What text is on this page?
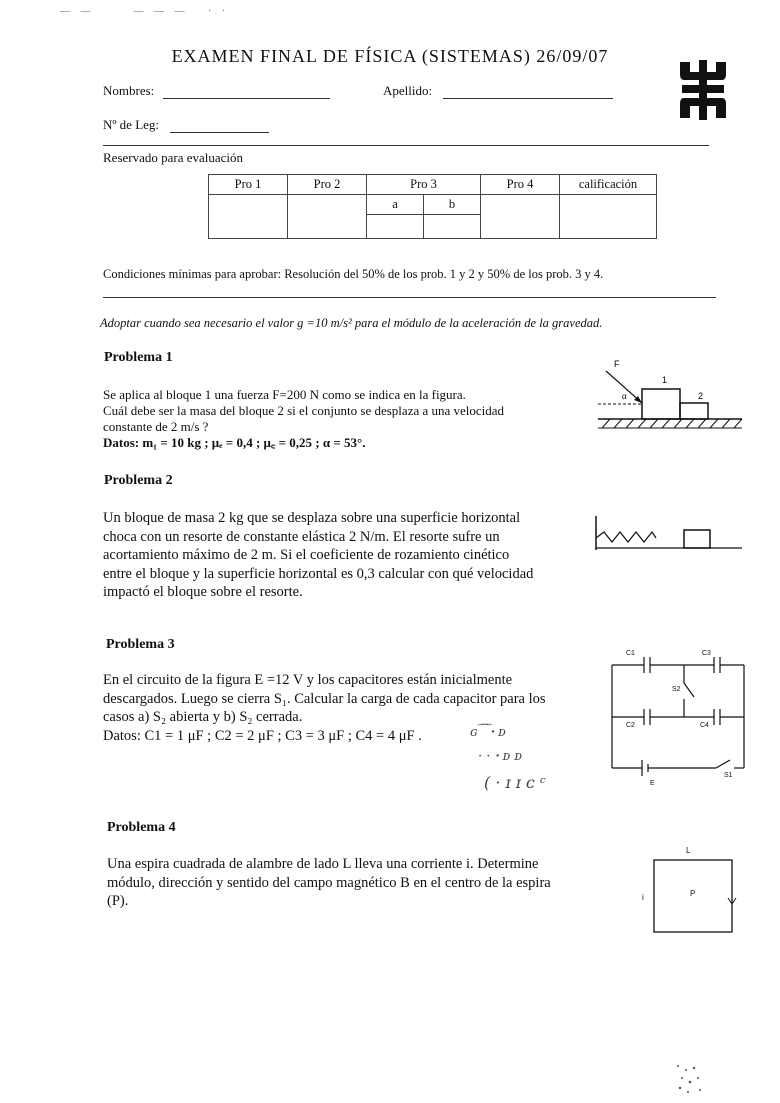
— —      — — —   · ·
EXAMEN FINAL DE FÍSICA (SISTEMAS) 26/09/07
Nombres:	Apellido:
Nº de Leg:
Reservado para evaluación
Pro 1	Pro 2	Pro 3		Pro 4	calificación
		a	b		

Condiciones mínimas para aprobar: Resolución del 50% de los prob. 1 y 2 y 50% de los prob. 3 y 4.
Adoptar cuando sea necesario el valor g =10 m/s² para el módulo de la aceleración de la gravedad.
Problema 1
Se aplica al bloque 1 una fuerza F=200 N como se indica en la figura.
Cuál debe ser la masa del bloque 2 si el conjunto se desplaza a una velocidad
constante de 2 m/s ?
Datos: m₁ = 10 kg ; μₑ = 0,4 ; μ꜀ = 0,25 ; α = 53°.
F
α
1
2
Problema 2
Un bloque de masa 2 kg que se desplaza sobre una superficie horizontal
choca con un resorte de constante elástica 2 N/m. El resorte sufre un
acortamiento máximo de 2 m. Si el coeficiente de rozamiento cinético
entre el bloque y la superficie horizontal es 0,3 calcular con qué velocidad
impactó el bloque sobre el resorte.
Problema 3
En el circuito de la figura E =12 V y los capacitores están inicialmente
descargados. Luego se cierra S₁. Calcular la carga de cada capacitor para los
casos a) S₂ abierta y b) S₂ cerrada.
Datos: C1 = 1 μF ; C2 = 2 μF ; C3 = 3 μF ; C4 = 4 μF .	ɢ ͡ ͡ ꞏ ᴅ
· · ꞏ ᴅ ᴅ
( · ɪ ɪ ᴄ ᶜ
C1	C3
C2	C4
S2
E
S1
Problema 4
Una espira cuadrada de alambre de lado L lleva una corriente i. Determine
módulo, dirección y sentido del campo magnético B en el centro de la espira
(P).
L
P
i
